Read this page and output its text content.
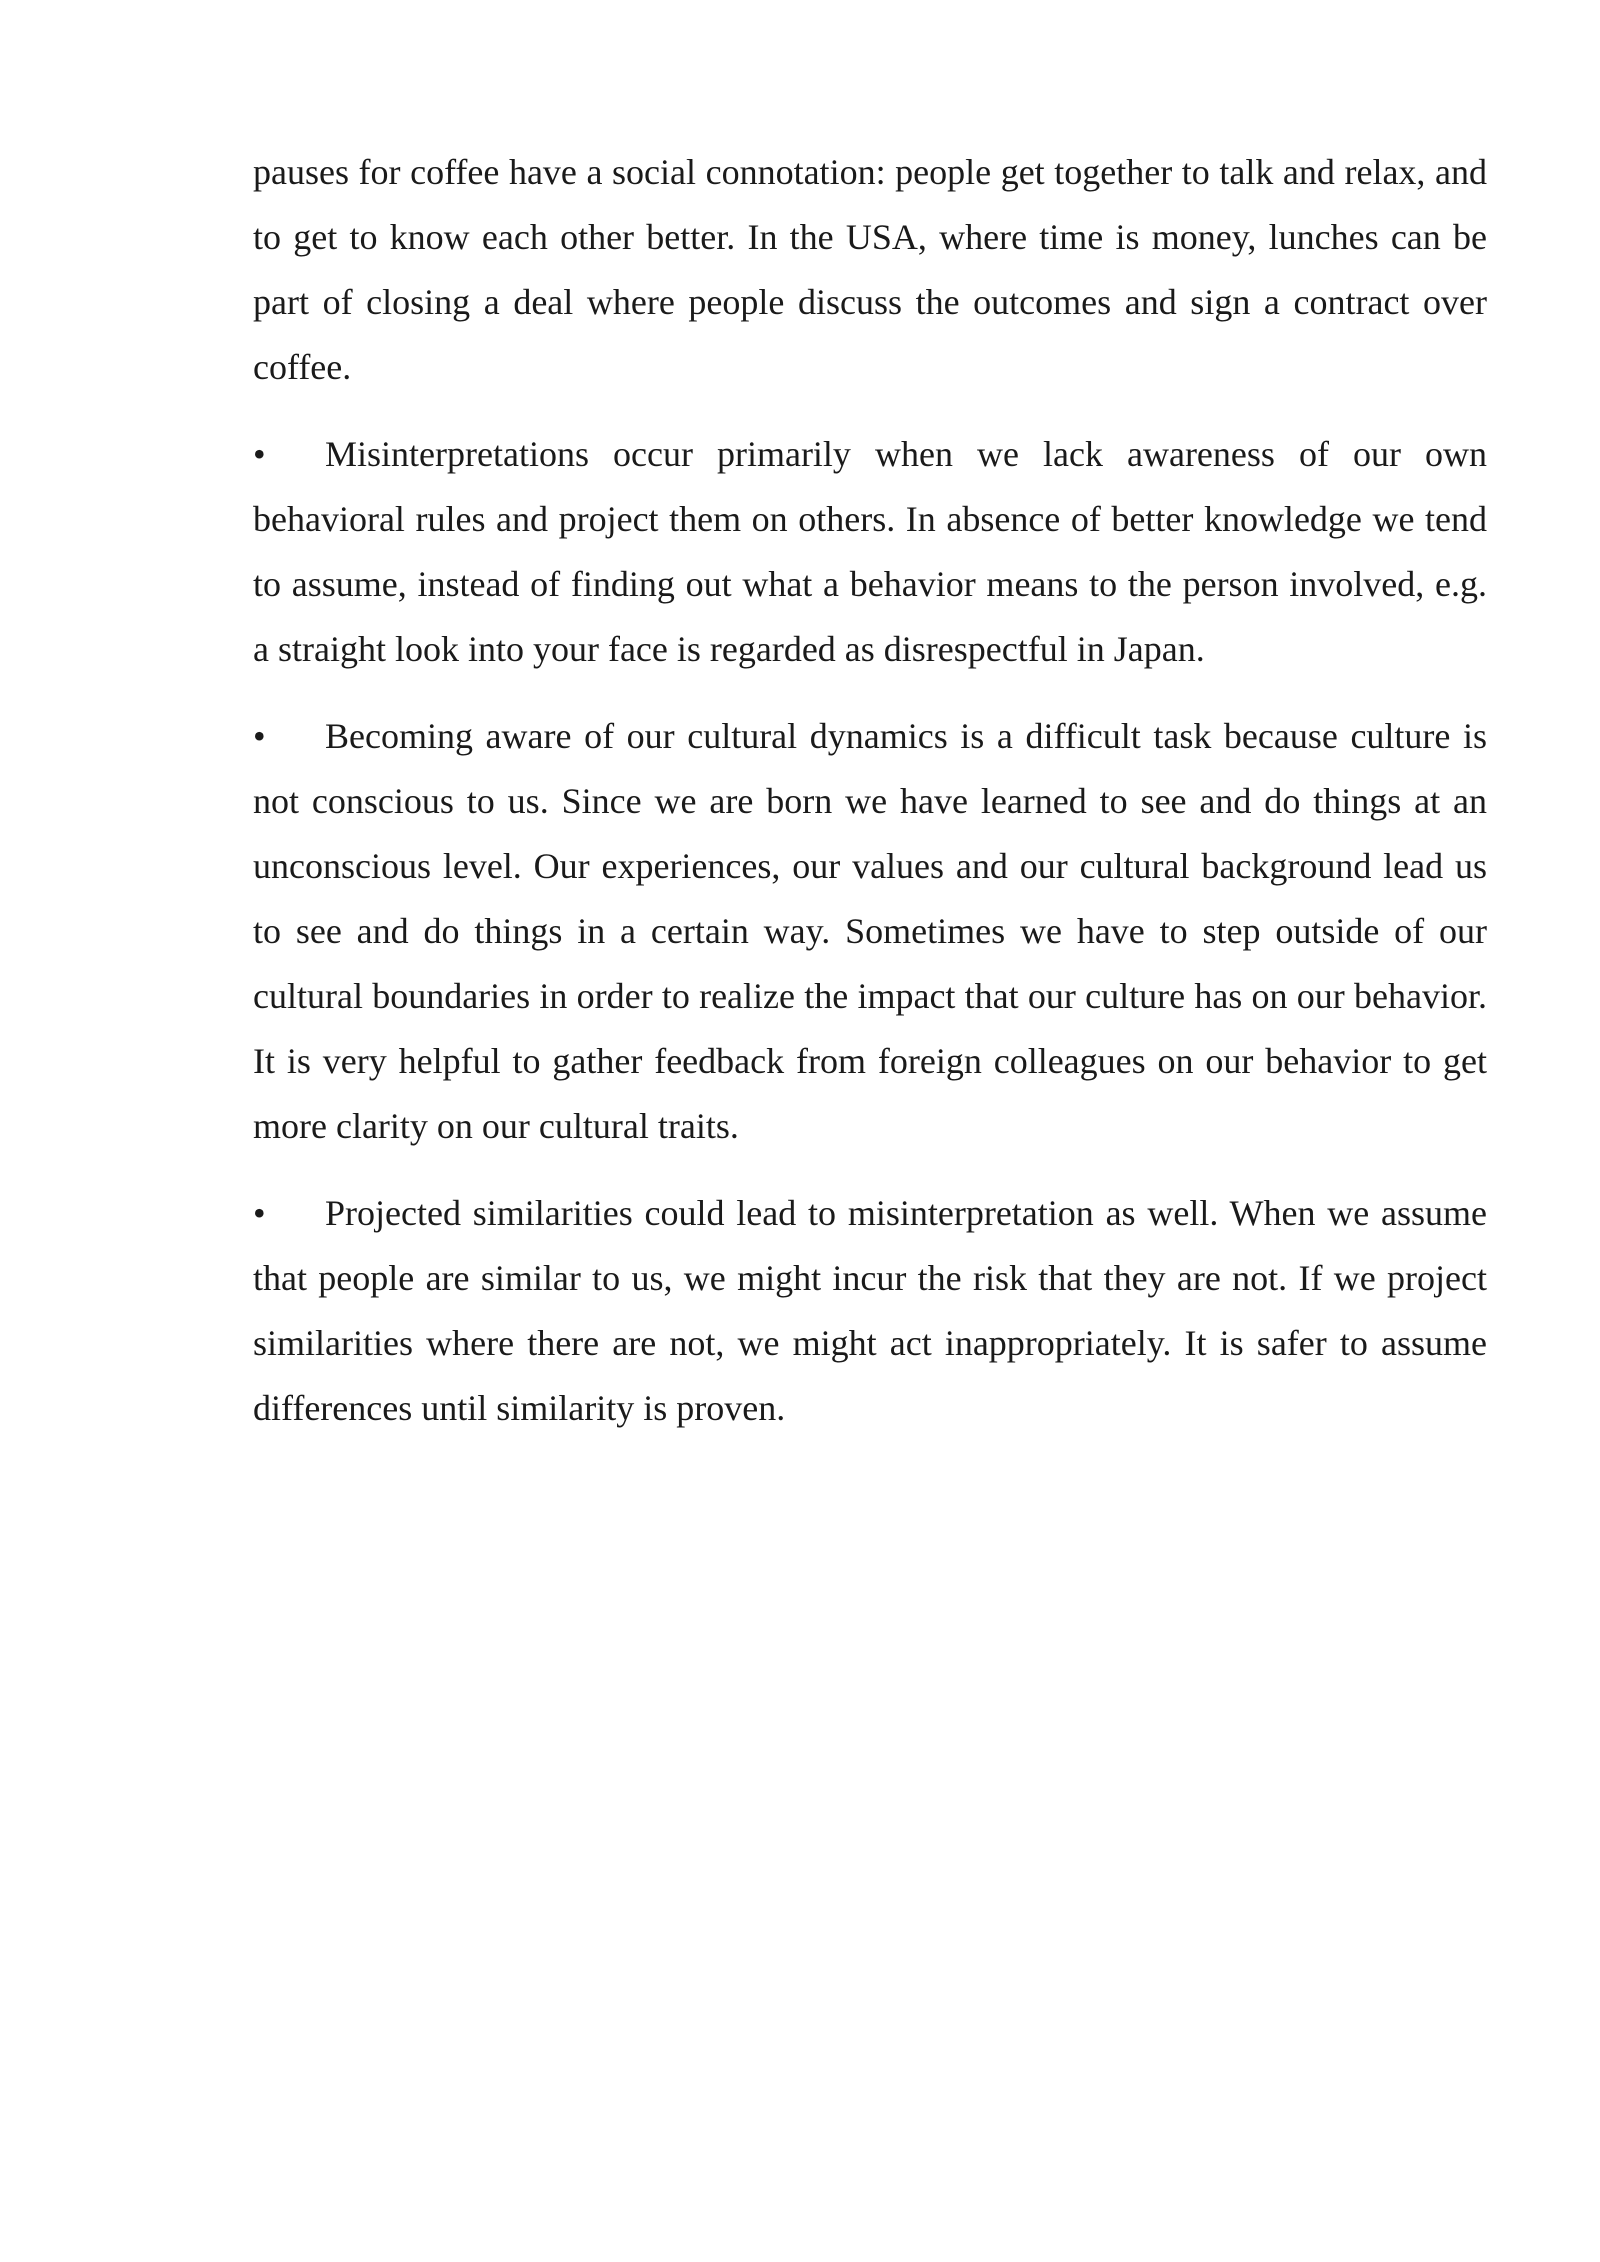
pauses for coffee have a social connotation: people get together to talk and relax, and to get to know each other better. In the USA, where time is money, lunches can be part of closing a deal where people discuss the outcomes and sign a contract over coffee.

• Misinterpretations occur primarily when we lack awareness of our own behavioral rules and project them on others. In absence of better knowledge we tend to assume, instead of finding out what a behavior means to the person involved, e.g. a straight look into your face is regarded as disrespectful in Japan.

• Becoming aware of our cultural dynamics is a difficult task because culture is not conscious to us. Since we are born we have learned to see and do things at an unconscious level. Our experiences, our values and our cultural background lead us to see and do things in a certain way. Sometimes we have to step outside of our cultural boundaries in order to realize the impact that our culture has on our behavior. It is very helpful to gather feedback from foreign colleagues on our behavior to get more clarity on our cultural traits.

• Projected similarities could lead to misinterpretation as well. When we assume that people are similar to us, we might incur the risk that they are not. If we project similarities where there are not, we might act inappropriately. It is safer to assume differences until similarity is proven.
